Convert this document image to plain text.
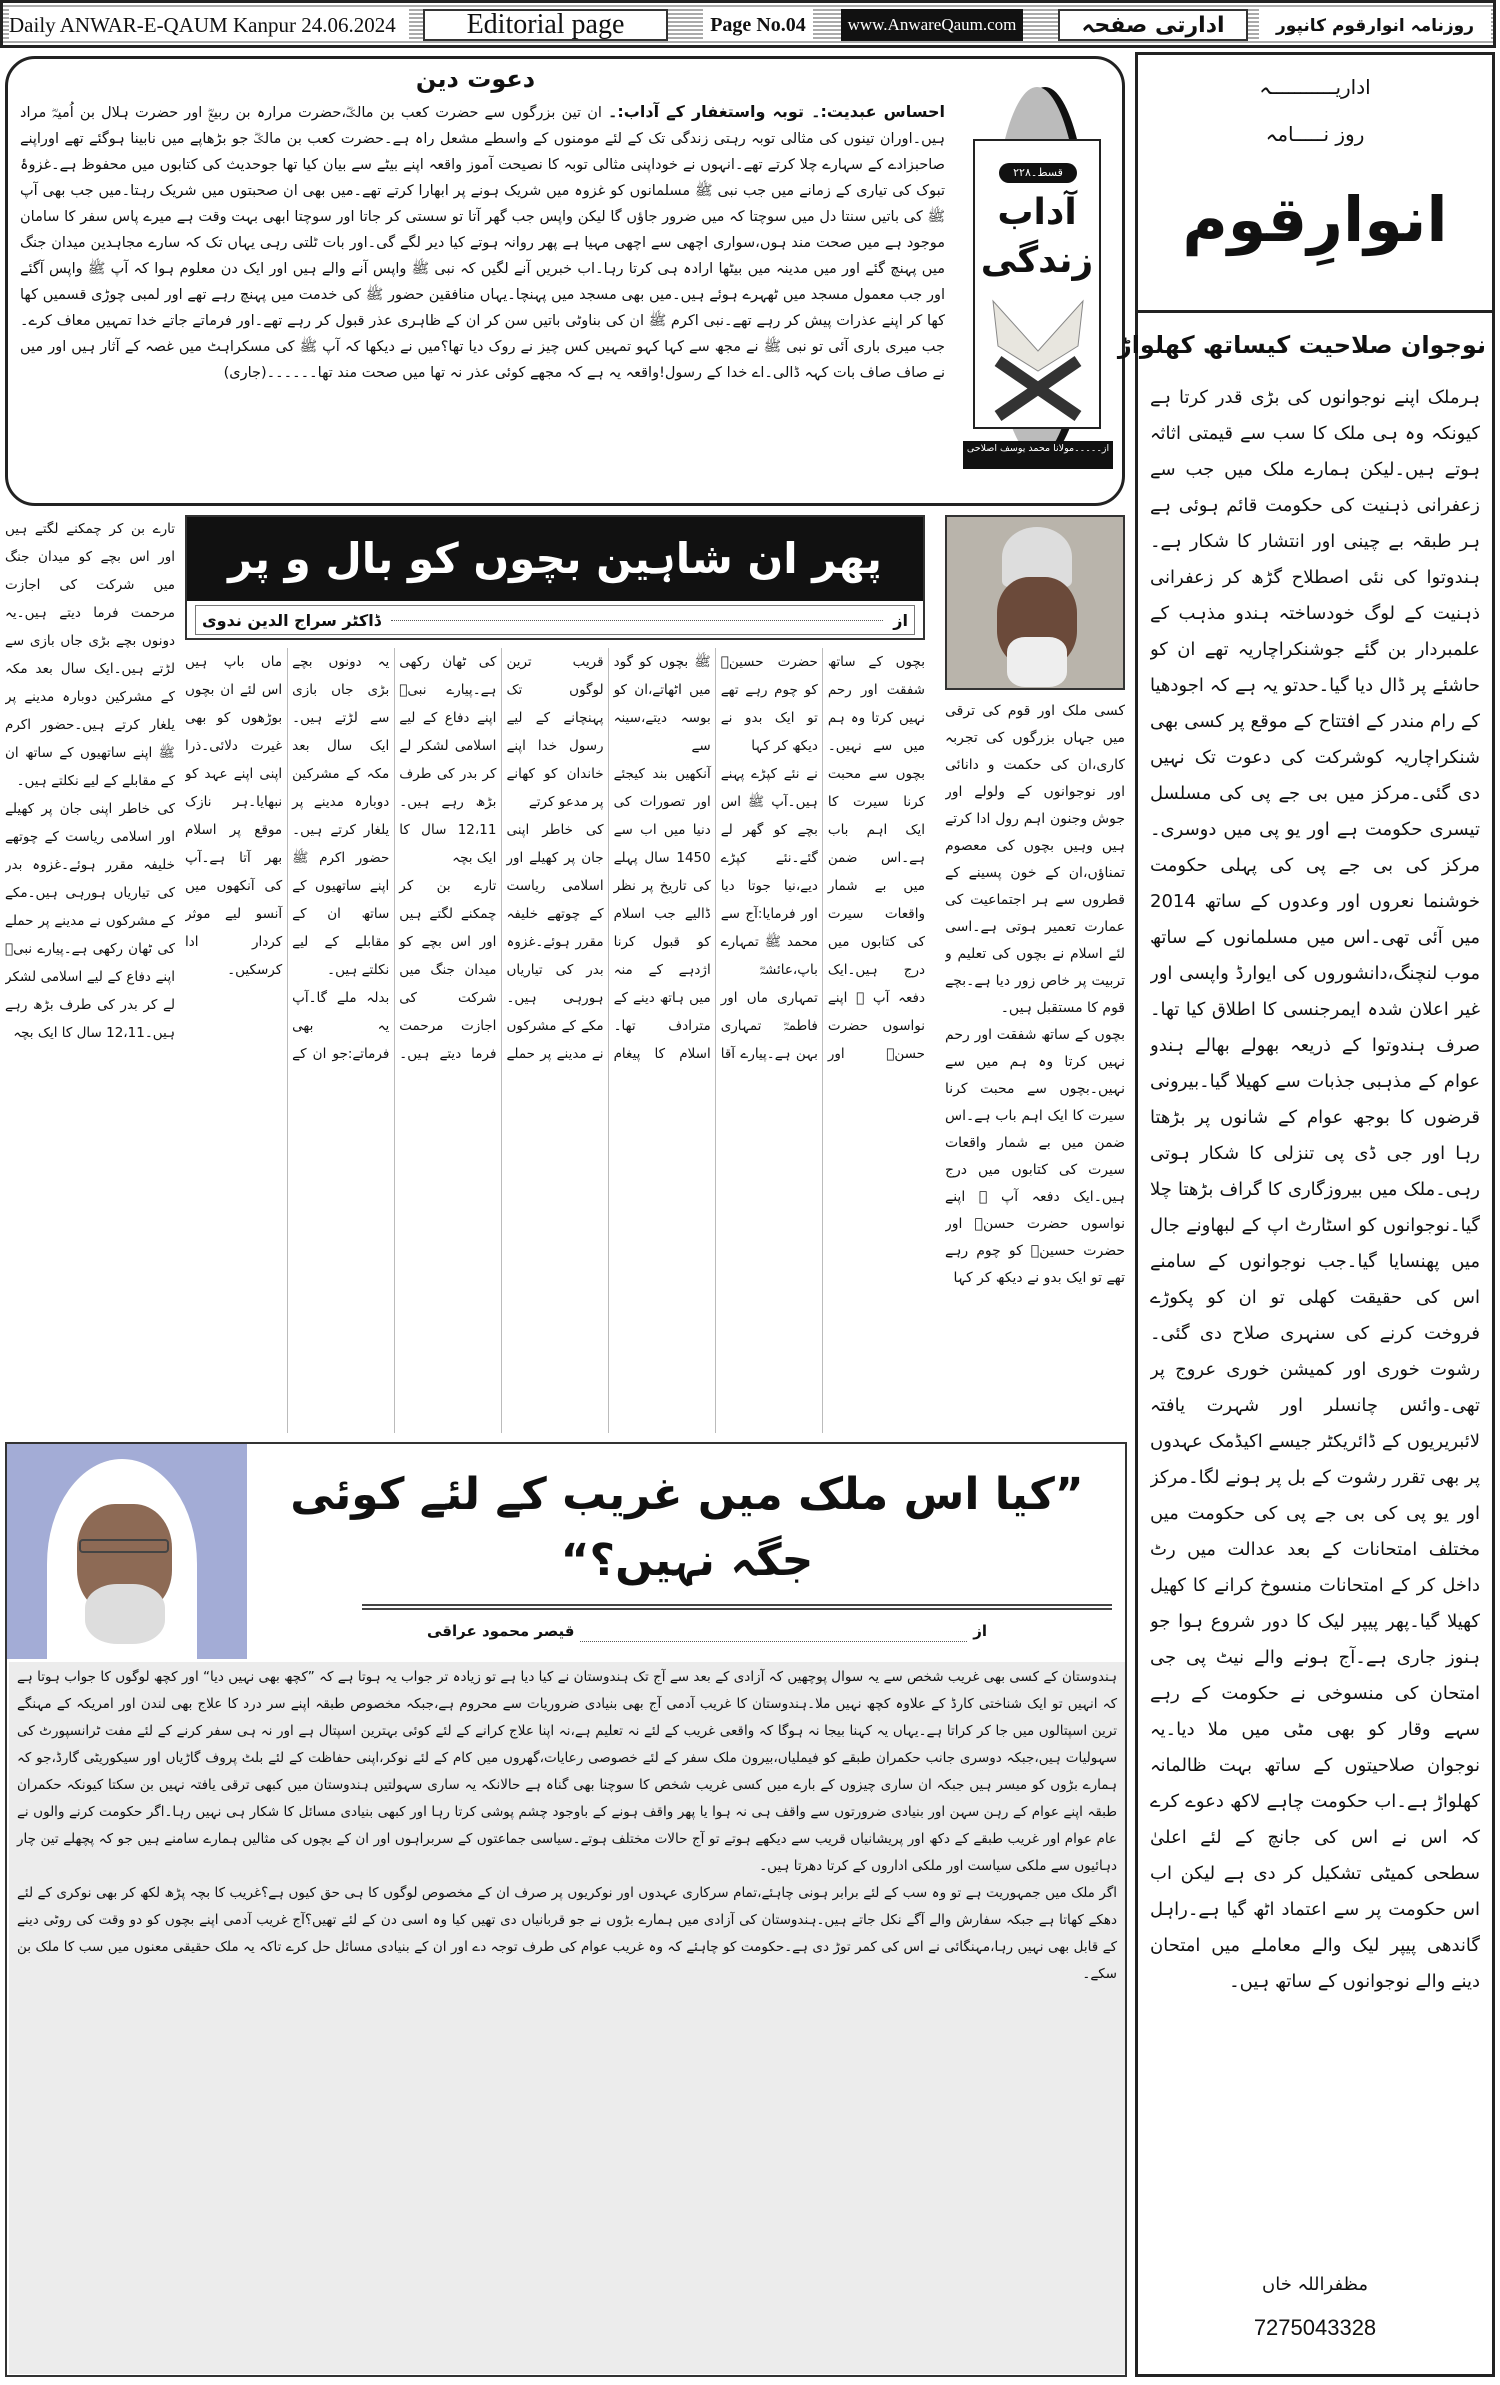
Daily ANWAR-E-QAUM Kanpur 24.06.2024	Editorial page	Page No.04	www.AnwareQaum.com	ادارتی صفحہ	روزنامہ انوارقوم کانپور
دعوت دین
احساس عبدیت:۔ توبہ واستغفار کے آداب:۔ ان تین بزرگوں سے حضرت کعب بن مالکؓ،حضرت مرارہ بن ربیعؓ اور حضرت ہلال بن اُمیہؓ مراد ہیں۔اوران تینوں کی مثالی توبہ رہتی زندگی تک کے لئے مومنوں کے واسطے مشعل راہ ہے۔حضرت کعب بن مالکؓ جو بڑھاپے میں نابینا ہوگئے تھے اوراپنے صاحبزادے کے سہارے چلا کرتے تھے۔انہوں نے خوداپنی مثالی توبہ کا نصیحت آموز واقعہ اپنے بیٹے سے بیان کیا تھا جوحدیث کی کتابوں میں محفوظ ہے۔غزوۂ تبوک کی تیاری کے زمانے میں جب نبی ﷺ مسلمانوں کو غزوہ میں شریک ہونے پر ابھارا کرتے تھے۔میں بھی ان صحبتوں میں شریک رہتا۔میں جب بھی آپ ﷺ کی باتیں سنتا دل میں سوچتا کہ میں ضرور جاؤں گا لیکن واپس جب گھر آتا تو سستی کر جاتا اور سوچتا ابھی بہت وقت ہے میرے پاس سفر کا سامان موجود ہے میں صحت مند ہوں،سواری اچھی سے اچھی مہیا ہے پھر روانہ ہوتے کیا دیر لگے گی۔اور بات ٹلتی رہی یہاں تک کہ سارے مجاہدین میدان جنگ میں پہنچ گئے اور میں مدینہ میں بیٹھا ارادہ ہی کرتا رہا۔اب خبریں آنے لگیں کہ نبی ﷺ واپس آنے والے ہیں اور ایک دن معلوم ہوا کہ آپ ﷺ واپس آگئے اور جب معمول مسجد میں ٹھہرے ہوئے ہیں۔میں بھی مسجد میں پہنچا۔یہاں منافقین حضور ﷺ کی خدمت میں پہنچ رہے تھے اور لمبی چوڑی قسمیں کھا کھا کر اپنے عذرات پیش کر رہے تھے۔نبی اکرم ﷺ ان کی بناوٹی باتیں سن کر ان کے ظاہری عذر قبول کر رہے تھے۔اور فرماتے جاتے خدا تمہیں معاف کرے۔جب میری باری آئی تو نبی ﷺ نے مجھ سے کہا کہو تمہیں کس چیز نے روک دیا تھا؟میں نے دیکھا کہ آپ ﷺ کی مسکراہٹ میں غصہ کے آثار ہیں اور میں نے صاف صاف بات کہہ ڈالی۔اے خدا کے رسول!واقعہ یہ ہے کہ مجھے کوئی عذر نہ تھا میں صحت مند تھا۔۔۔۔۔۔(جاری)
قسط۔۲۲۸
آداب
زندگی
از۔۔۔۔۔مولانا محمد یوسف اصلاحی

تارے بن کر چمکنے لگتے ہیں اور اس بچے کو میدان جنگ میں شرکت کی اجازت مرحمت فرما دیتے ہیں۔یہ دونوں بچے بڑی جاں بازی سے لڑتے ہیں۔ایک سال بعد مکہ کے مشرکین دوبارہ مدینے پر یلغار کرتے ہیں۔حضور اکرم ﷺ اپنے ساتھیوں کے ساتھ ان کے مقابلے کے لیے نکلتے ہیں۔

کی خاطر اپنی جان پر کھیلے اور اسلامی ریاست کے چوتھے خلیفہ مقرر ہوئے۔غزوہ بدر کی تیاریاں ہورہی ہیں۔مکے کے مشرکوں نے مدینے پر حملے کی ٹھان رکھی ہے۔پیارے نبیؐ اپنے دفاع کے لیے اسلامی لشکر لے کر بدر کی طرف بڑھ رہے ہیں۔12،11 سال کا ایک بچہ

پھر ان شاہین بچوں کو بال و پر
از
ڈاکٹر سراج الدین ندوی

بچوں کے ساتھ شفقت اور رحم نہیں کرتا وہ ہم میں سے نہیں۔بچوں سے محبت کرنا سیرت کا ایک اہم باب ہے۔اس ضمن میں بے شمار واقعات سیرت کی کتابوں میں درج ہیں۔ایک دفعہ آپ ﷺ اپنے نواسوں حضرت حسنؓ اور حضرت حسینؓ کو چوم رہے تھے تو ایک بدو نے دیکھ کر کہا

نے نئے کپڑے پہنے ہیں۔آپ ﷺ اس بچے کو گھر لے گئے۔نئے کپڑے دیے،نیا جوتا دیا اور فرمایا:آج سے محمد ﷺ تمہارے باپ،عائشہؓ تمہاری ماں اور فاطمہؓ تمہاری بہن ہے۔پیارے آقا ﷺ بچوں کو گود میں اٹھاتے،ان کو بوسہ دیتے،سینہ سے

آنکھیں بند کیجئے اور تصورات کی دنیا میں اب سے 1450 سال پہلے کی تاریخ پر نظر ڈالیے جب اسلام کو قبول کرنا اژدہے کے منہ میں ہاتھ دینے کے مترادف تھا۔اسلام کا پیغام قریب ترین لوگوں تک پہنچانے کے لیے رسول خدا اپنے خاندان کو کھانے پر مدعو کرتے

کی خاطر اپنی جان پر کھیلے اور اسلامی ریاست کے چوتھے خلیفہ مقرر ہوئے۔غزوہ بدر کی تیاریاں ہورہی ہیں۔مکے کے مشرکوں نے مدینے پر حملے کی ٹھان رکھی ہے۔پیارے نبیؐ اپنے دفاع کے لیے اسلامی لشکر لے کر بدر کی طرف بڑھ رہے ہیں۔12،11 سال کا ایک بچہ

تارے بن کر چمکنے لگتے ہیں اور اس بچے کو میدان جنگ میں شرکت کی اجازت مرحمت فرما دیتے ہیں۔یہ دونوں بچے بڑی جاں بازی سے لڑتے ہیں۔ایک سال بعد مکہ کے مشرکین دوبارہ مدینے پر یلغار کرتے ہیں۔حضور اکرم ﷺ اپنے ساتھیوں کے ساتھ ان کے مقابلے کے لیے نکلتے ہیں۔

بدلہ ملے گا۔آپ یہ بھی فرماتے:جو ان کے ماں باپ ہیں اس لئے ان بچوں بوڑھوں کو بھی غیرت دلائی۔ذرا اپنی اپنے عہد کو نبھایا۔ہر نازک موقع پر اسلام بھر آتا ہے۔آپ کی آنکھوں میں آنسو لیے موثر کردار ادا کرسکیں۔

کسی ملک اور قوم کی ترقی میں جہاں بزرگوں کی تجربہ کاری،ان کی حکمت و دانائی اور نوجوانوں کے ولولے اور جوش وجنون اہم رول ادا کرتے ہیں وہیں بچوں کی معصوم تمناؤں،ان کے خون پسینے کے قطروں سے ہر اجتماعیت کی عمارت تعمیر ہوتی ہے۔اسی لئے اسلام نے بچوں کی تعلیم و تربیت پر خاص زور دیا ہے۔بچے قوم کا مستقبل ہیں۔

بچوں کے ساتھ شفقت اور رحم نہیں کرتا وہ ہم میں سے نہیں۔بچوں سے محبت کرنا سیرت کا ایک اہم باب ہے۔اس ضمن میں بے شمار واقعات سیرت کی کتابوں میں درج ہیں۔ایک دفعہ آپ ﷺ اپنے نواسوں حضرت حسنؓ اور حضرت حسینؓ کو چوم رہے تھے تو ایک بدو نے دیکھ کر کہا

”کیا اس ملک میں غریب کے لئے کوئی جگہ نہیں؟“
از
قیصر محمود عراقی

ہندوستان کے کسی بھی غریب شخص سے یہ سوال پوچھیں کہ آزادی کے بعد سے آج تک ہندوستان نے کیا دیا ہے تو زیادہ تر جواب یہ ہوتا ہے کہ ”کچھ بھی نہیں دیا“ اور کچھ لوگوں کا جواب ہوتا ہے کہ انہیں تو ایک شناختی کارڈ کے علاوہ کچھ نہیں ملا۔ہندوستان کا غریب آدمی آج بھی بنیادی ضروریات سے محروم ہے،جبکہ مخصوص طبقہ اپنے سر درد کا علاج بھی لندن اور امریکہ کے مہنگے ترین اسپتالوں میں جا کر کراتا ہے۔یہاں یہ کہنا بیجا نہ ہوگا کہ واقعی غریب کے لئے نہ تعلیم ہے،نہ اپنا علاج کرانے کے لئے کوئی بہترین اسپتال ہے اور نہ ہی سفر کرنے کے لئے مفت ٹرانسپورٹ کی سہولیات ہیں،جبکہ دوسری جانب حکمران طبقے کو فیملیاں،بیرون ملک سفر کے لئے خصوصی رعایات،گھروں میں کام کے لئے نوکر،اپنی حفاظت کے لئے بلٹ پروف گاڑیاں اور سیکوریٹی گارڈ،جو کہ ہمارے بڑوں کو میسر ہیں جبکہ ان ساری چیزوں کے بارے میں کسی غریب شخص کا سوچنا بھی گناہ ہے حالانکہ یہ ساری سہولتیں ہندوستان میں کبھی ترقی یافتہ نہیں بن سکتا کیونکہ حکمران طبقہ اپنے عوام کے رہن سہن اور بنیادی ضرورتوں سے واقف ہی نہ ہوا یا پھر واقف ہونے کے باوجود چشم پوشی کرتا رہا اور کبھی بنیادی مسائل کا شکار ہی نہیں رہا۔اگر حکومت کرنے والوں نے عام عوام اور غریب طبقے کے دکھ اور پریشانیاں قریب سے دیکھے ہوتے تو آج حالات مختلف ہوتے۔سیاسی جماعتوں کے سربراہوں اور ان کے بچوں کی مثالیں ہمارے سامنے ہیں جو کہ پچھلے تین چار دہائیوں سے ملکی سیاست اور ملکی اداروں کے کرتا دھرتا ہیں۔

اگر ملک میں جمہوریت ہے تو وہ سب کے لئے برابر ہونی چاہئے،تمام سرکاری عہدوں اور نوکریوں پر صرف ان کے مخصوص لوگوں کا ہی حق کیوں ہے؟غریب کا بچہ پڑھ لکھ کر بھی نوکری کے لئے دھکے کھاتا ہے جبکہ سفارش والے آگے نکل جاتے ہیں۔ہندوستان کی آزادی میں ہمارے بڑوں نے جو قربانیاں دی تھیں کیا وہ اسی دن کے لئے تھیں؟آج غریب آدمی اپنے بچوں کو دو وقت کی روٹی دینے کے قابل بھی نہیں رہا،مہنگائی نے اس کی کمر توڑ دی ہے۔حکومت کو چاہئے کہ وہ غریب عوام کی طرف توجہ دے اور ان کے بنیادی مسائل حل کرے تاکہ یہ ملک حقیقی معنوں میں سب کا ملک بن سکے۔

اداریـــــــــــہ
روز نـــــامہ
انوارِقوم
نوجوان صلاحیت کیساتھ کھلواڑ

ہرملک اپنے نوجوانوں کی بڑی قدر کرتا ہے کیونکہ وہ ہی ملک کا سب سے قیمتی اثاثہ ہوتے ہیں۔لیکن ہمارے ملک میں جب سے زعفرانی ذہنیت کی حکومت قائم ہوئی ہے ہر طبقہ بے چینی اور انتشار کا شکار ہے۔ہندوتوا کی نئی اصطلاح گڑھ کر زعفرانی ذہنیت کے لوگ خودساختہ ہندو مذہب کے علمبردار بن گئے جوشنکراچاریہ تھے ان کو حاشئے پر ڈال دیا گیا۔حدتو یہ ہے کہ اجودھیا کے رام مندر کے افتتاح کے موقع پر کسی بھی شنکراچاریہ کوشرکت کی دعوت تک نہیں دی گئی۔مرکز میں بی جے پی کی مسلسل تیسری حکومت ہے اور یو پی میں دوسری۔مرکز کی بی جے پی کی پہلی حکومت خوشنما نعروں اور وعدوں کے ساتھ 2014 میں آئی تھی۔اس میں مسلمانوں کے ساتھ موب لنچنگ،دانشوروں کی ایوارڈ واپسی اور غیر اعلان شدہ ایمرجنسی کا اطلاق کیا تھا۔صرف ہندوتوا کے ذریعہ بھولے بھالے ہندو عوام کے مذہبی جذبات سے کھیلا گیا۔بیرونی قرضوں کا بوجھ عوام کے شانوں پر بڑھتا رہا اور جی ڈی پی تنزلی کا شکار ہوتی رہی۔ملک میں بیروزگاری کا گراف بڑھتا چلا گیا۔نوجوانوں کو اسٹارٹ اپ کے لبھاونے جال میں پھنسایا گیا۔جب نوجوانوں کے سامنے اس کی حقیقت کھلی تو ان کو پکوڑے فروخت کرنے کی سنہری صلاح دی گئی۔رشوت خوری اور کمیشن خوری عروج پر تھی۔وائس چانسلر اور شہرت یافتہ لائبریریوں کے ڈائریکٹر جیسے اکیڈمک عہدوں پر بھی تقرر رشوت کے بل پر ہونے لگا۔مرکز اور یو پی کی بی جے پی کی حکومت میں مختلف امتحانات کے بعد عدالت میں رٹ داخل کر کے امتحانات منسوخ کرانے کا کھیل کھیلا گیا۔پھر پیپر لیک کا دور شروع ہوا جو ہنوز جاری ہے۔آج ہونے والے نیٹ پی جی امتحان کی منسوخی نے حکومت کے رہے سہے وقار کو بھی مٹی میں ملا دیا۔یہ نوجوان صلاحیتوں کے ساتھ بہت ظالمانہ کھلواڑ ہے۔اب حکومت چاہے لاکھ دعوے کرے کہ اس نے اس کی جانچ کے لئے اعلیٰ سطحی کمیٹی تشکیل کر دی ہے لیکن اب اس حکومت پر سے اعتماد اٹھ گیا ہے۔راہل گاندھی پیپر لیک والے معاملے میں امتحان دینے والے نوجوانوں کے ساتھ ہیں۔

مظفراللہ خاں
7275043328
